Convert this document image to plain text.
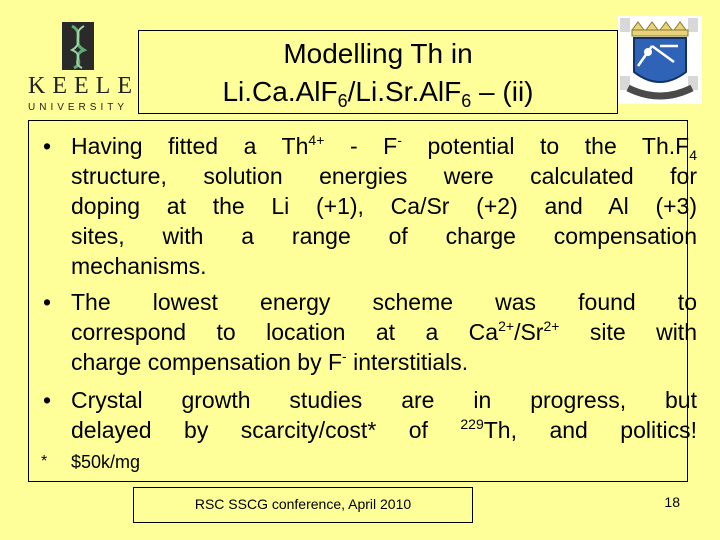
KEELE
UNIVERSITY
Modelling Th in
Li.Ca.AlF$_6$/Li.Sr.AlF$_6$ – (ii)
• Having fitted a $Th^{4+} - F^-$ potential to the $Th.F_4$
structure, solution energies were calculated for
doping at the Li (+1), Ca/Sr (+2) and Al (+3)
sites, with a range of charge compensation
mechanisms.
• The lowest energy scheme was found to
correspond to location at a $Ca^{2+}/Sr^{2+}$ site with
charge compensation by F- interstitials.
• Crystal growth studies are in progress, but
delayed by scarcity/cost* of $^{229}$Th, and politics!
* $50k/mg
RSC SSCG conference, April 2010	18
